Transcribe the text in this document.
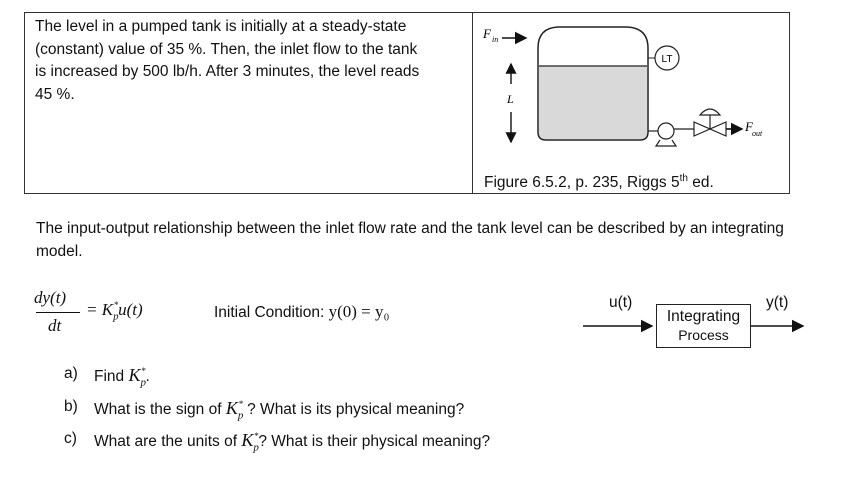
The level in a pumped tank is initially at a steady-state
(constant) value of 35 %. Then, the inlet flow to the tank
is increased by 500 lb/h. After 3 minutes, the level reads
45 %.
F in
LT
L
F out
Figure 6.5.2, p. 235, Riggs 5th ed.
The input-output relationship between the inlet flow rate and the tank level can be described by an integrating model.
dy(t)
dt
= $K_p^*u(t)$	Initial Condition: y(0) = y₀	u(t)	y(t)
Integrating
Process
a) Find $K_p^*$.
b) What is the sign of $K_p^*$ ? What is its physical meaning?
c) What are the units of $K_p^*$? What is their physical meaning?
